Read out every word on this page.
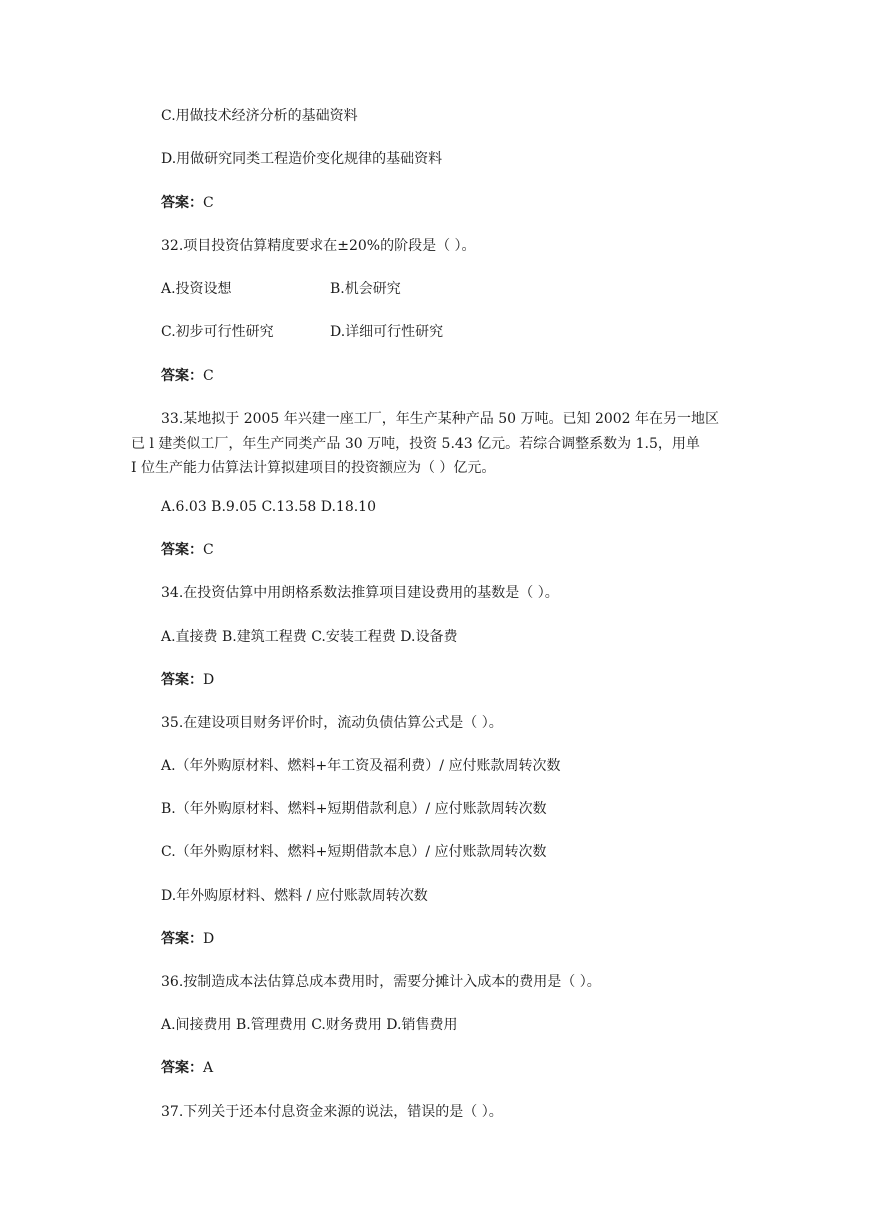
C.用做技术经济分析的基础资料
D.用做研究同类工程造价变化规律的基础资料
答案：C
32.项目投资估算精度要求在±20%的阶段是（ ）。
A.投资设想	B.机会研究
C.初步可行性研究	D.详细可行性研究
答案：C
33.某地拟于 2005 年兴建一座工厂，年生产某种产品 50 万吨。已知 2002 年在另一地区
已 l 建类似工厂，年生产同类产品 30 万吨，投资 5.43 亿元。若综合调整系数为 1.5，用单
I 位生产能力估算法计算拟建项目的投资额应为（ ）亿元。
A.6.03 B.9.05 C.13.58 D.18.10
答案：C
34.在投资估算中用朗格系数法推算项目建设费用的基数是（ ）。
A.直接费 B.建筑工程费 C.安装工程费 D.设备费
答案：D
35.在建设项目财务评价时，流动负债估算公式是（ ）。
A.（年外购原材料、燃料+年工资及福利费）/ 应付账款周转次数
B.（年外购原材料、燃料+短期借款利息）/ 应付账款周转次数
C.（年外购原材料、燃料+短期借款本息）/ 应付账款周转次数
D.年外购原材料、燃料 / 应付账款周转次数
答案：D
36.按制造成本法估算总成本费用时，需要分摊计入成本的费用是（ ）。
A.间接费用 B.管理费用 C.财务费用 D.销售费用
答案：A
37.下列关于还本付息资金来源的说法，错误的是（ ）。
